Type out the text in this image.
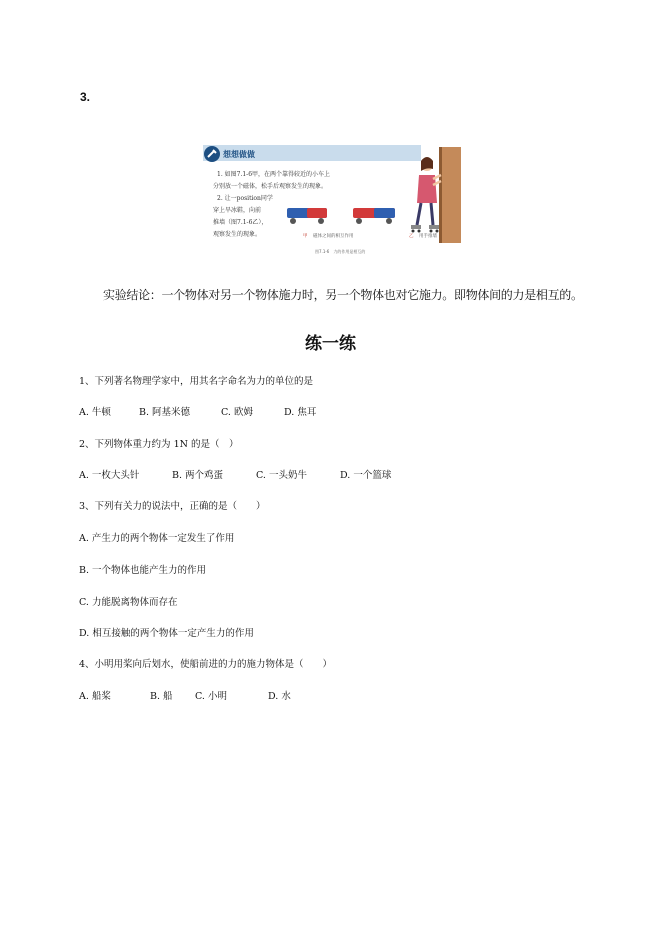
3.
想想做做
1. 如图7.1-6甲，在两个靠得较近的小车上
分别放一个磁体，松手后观察发生的现象。
2. 让一position同学
穿上旱冰鞋，向前
推墙（图7.1-6乙），
观察发生的现象。	甲 磁体之间的相互作用	乙 用手推墙
图7.1-6　力的作用是相互的
实验结论：一个物体对另一个物体施力时，另一个物体也对它施力。即物体间的力是相互的。
练一练
1、下列著名物理学家中，用其名字命名为力的单位的是
A. 牛顿	B. 阿基米德	C. 欧姆	D. 焦耳
2、下列物体重力约为 1N 的是（　）
A. 一枚大头针	B. 两个鸡蛋	C. 一头奶牛	D. 一个篮球
3、下列有关力的说法中，正确的是（　　）
A. 产生力的两个物体一定发生了作用
B. 一个物体也能产生力的作用
C. 力能脱离物体而存在
D. 相互接触的两个物体一定产生力的作用
4、小明用桨向后划水，使船前进的力的施力物体是（　　）
A. 船桨	B. 船 C. 小明	D. 水
